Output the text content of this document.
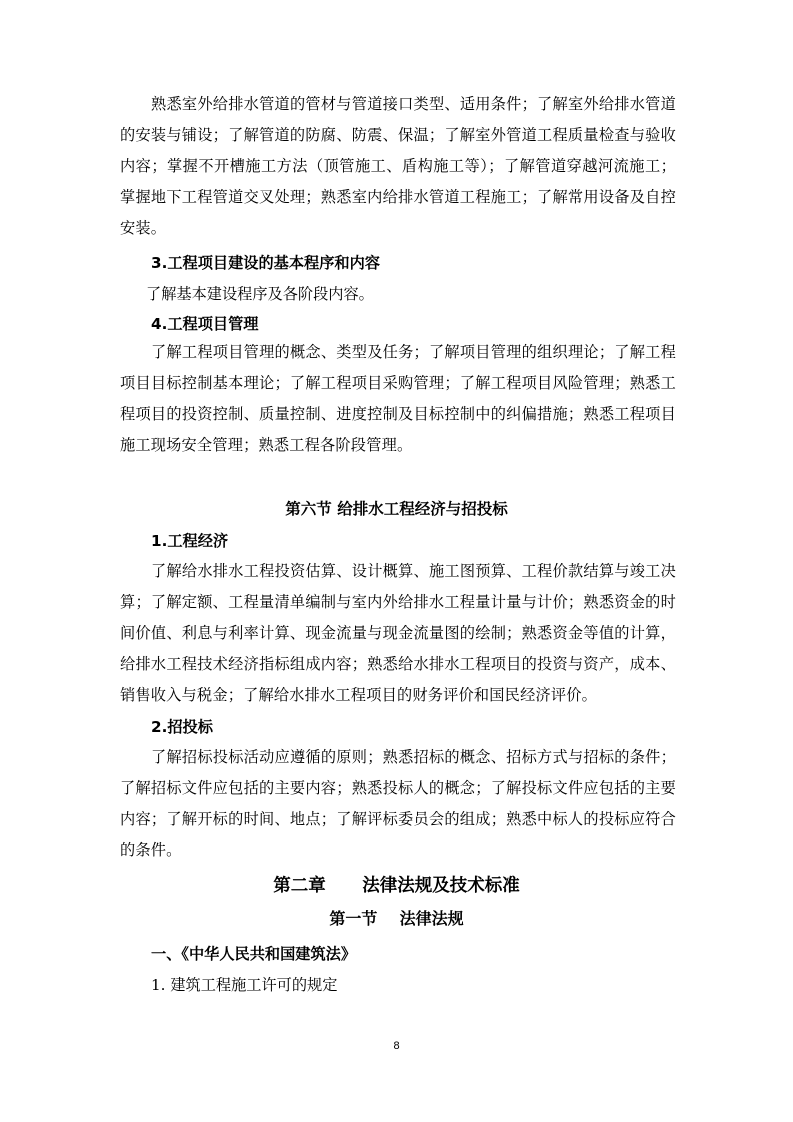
熟悉室外给排水管道的管材与管道接口类型、适用条件；了解室外给排水管道的安装与铺设；了解管道的防腐、防震、保温；了解室外管道工程质量检查与验收内容；掌握不开槽施工方法（顶管施工、盾构施工等）；了解管道穿越河流施工；掌握地下工程管道交叉处理；熟悉室内给排水管道工程施工；了解常用设备及自控安装。

3.工程项目建设的基本程序和内容

了解基本建设程序及各阶段内容。

4.工程项目管理

了解工程项目管理的概念、类型及任务；了解项目管理的组织理论；了解工程项目目标控制基本理论；了解工程项目采购管理；了解工程项目风险管理；熟悉工程项目的投资控制、质量控制、进度控制及目标控制中的纠偏措施；熟悉工程项目施工现场安全管理；熟悉工程各阶段管理。

第六节 给排水工程经济与招投标

1.工程经济

了解给水排水工程投资估算、设计概算、施工图预算、工程价款结算与竣工决算；了解定额、工程量清单编制与室内外给排水工程量计量与计价；熟悉资金的时间价值、利息与利率计算、现金流量与现金流量图的绘制；熟悉资金等值的计算，给排水工程技术经济指标组成内容；熟悉给水排水工程项目的投资与资产，成本、销售收入与税金；了解给水排水工程项目的财务评价和国民经济评价。

2.招投标

了解招标投标活动应遵循的原则；熟悉招标的概念、招标方式与招标的条件；了解招标文件应包括的主要内容；熟悉投标人的概念；了解投标文件应包括的主要内容；了解开标的时间、地点；了解评标委员会的组成；熟悉中标人的投标应符合的条件。

第二章      法律法规及技术标准

第一节    法律法规

一、《中华人民共和国建筑法》

1. 建筑工程施工许可的规定

8
